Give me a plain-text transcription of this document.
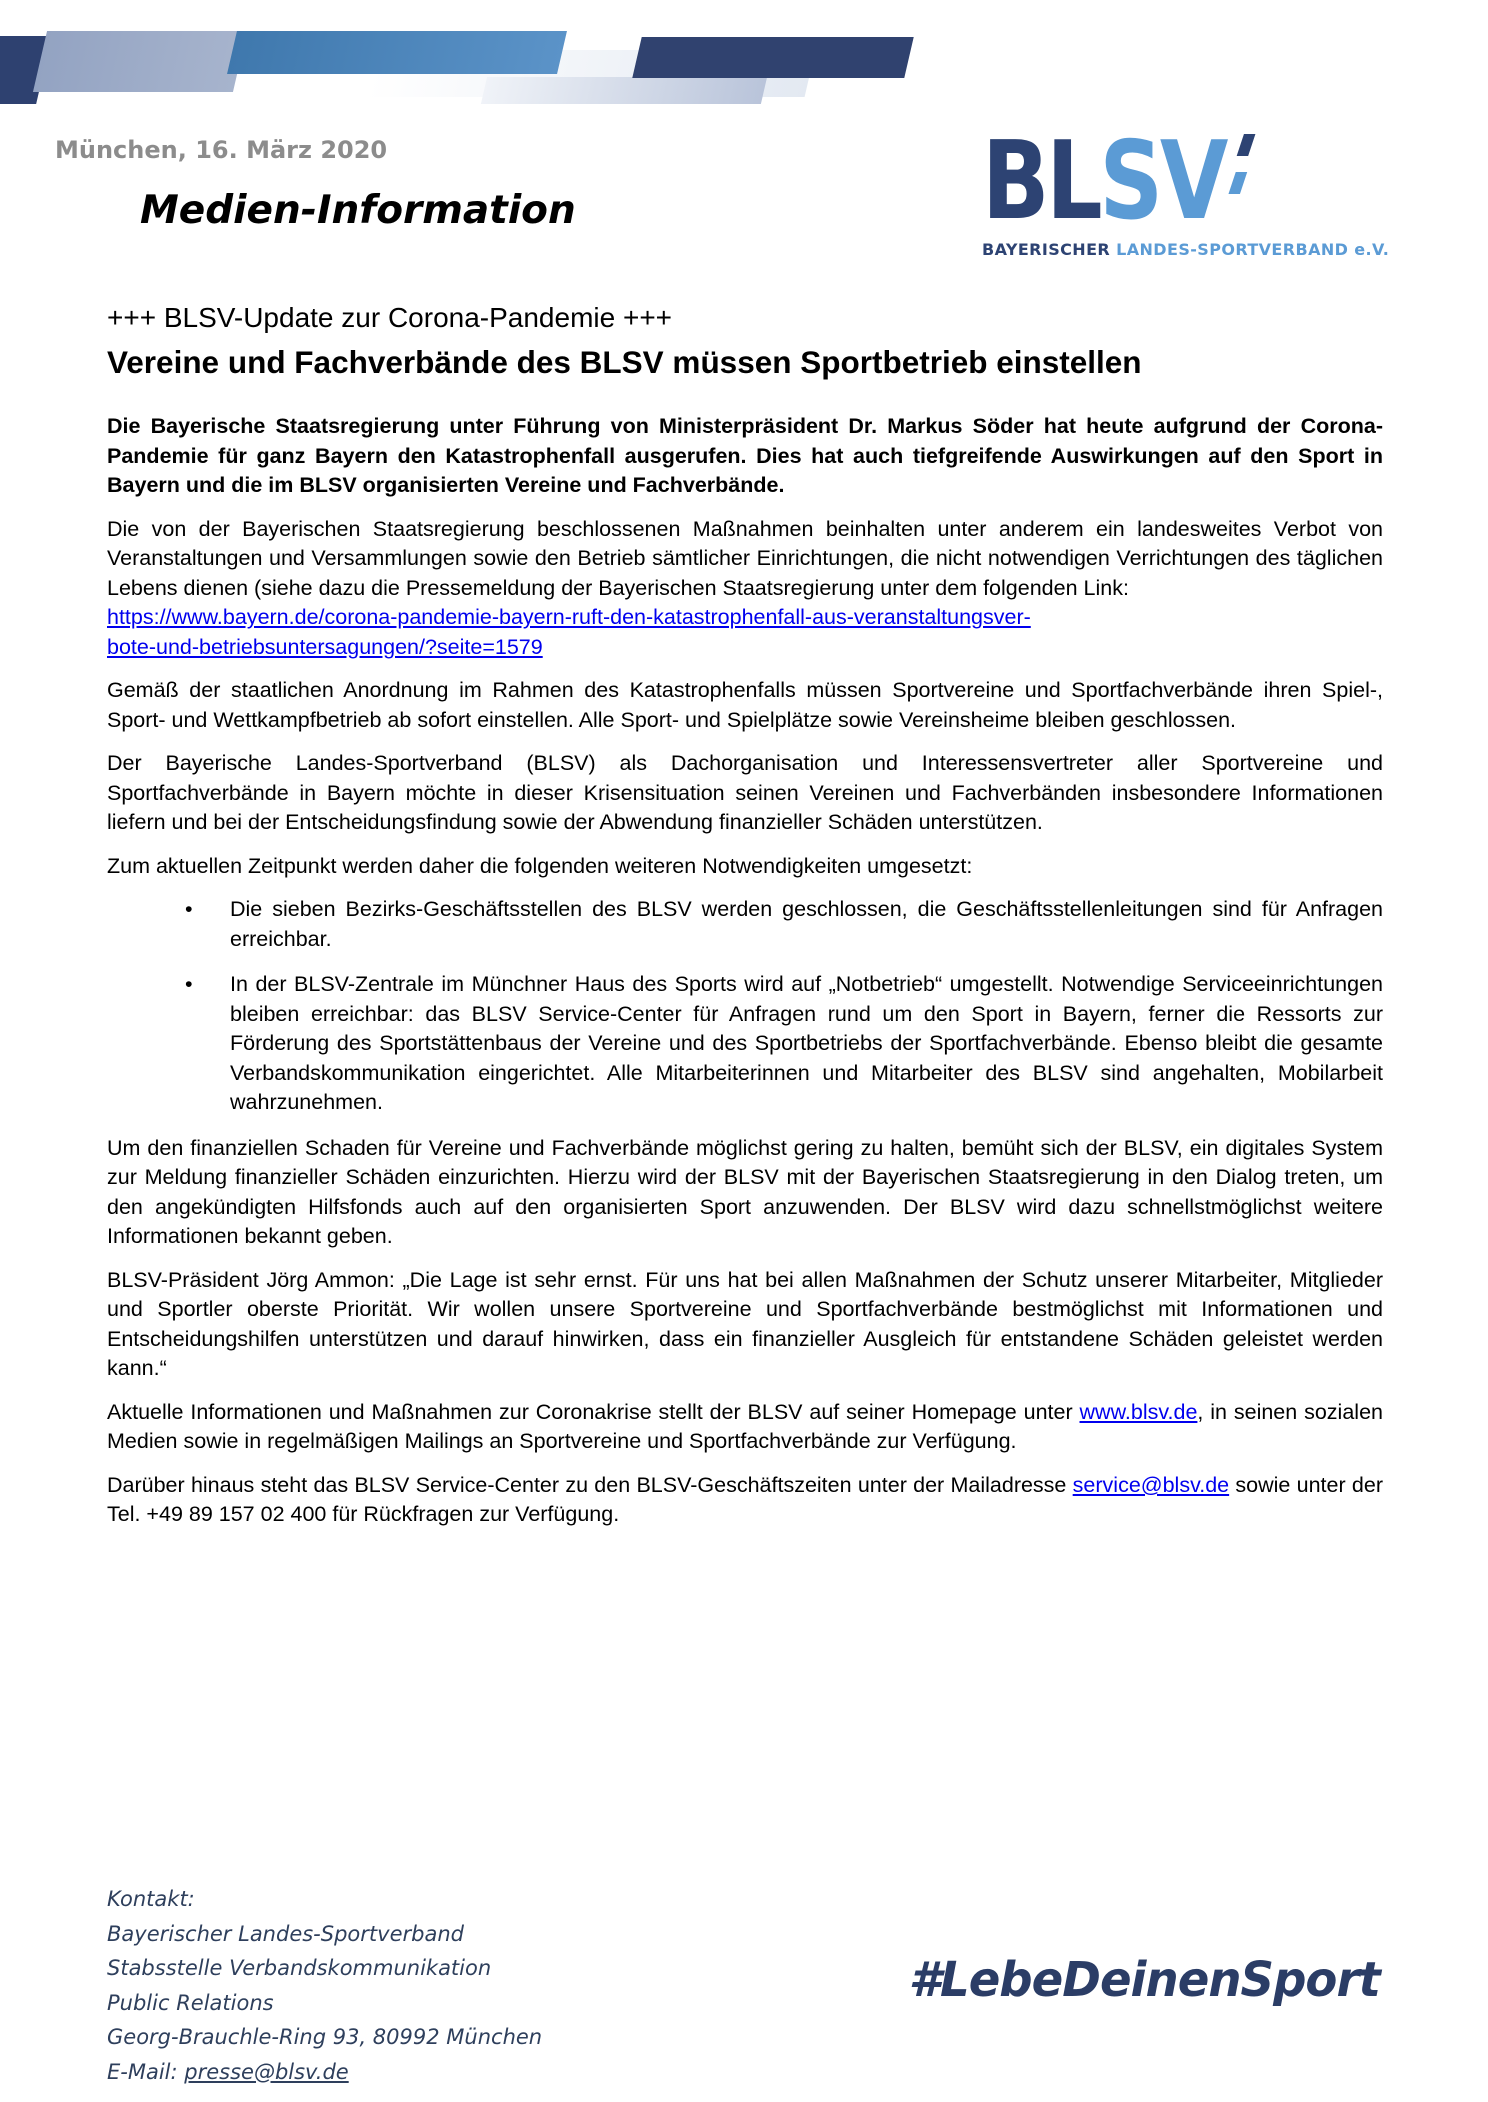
München, 16. März 2020
Medien-Information	BLSV
BAYERISCHER LANDES-SPORTVERBAND e.V.

+++ BLSV-Update zur Corona-Pandemie +++

Vereine und Fachverbände des BLSV müssen Sportbetrieb einstellen

Die Bayerische Staatsregierung unter Führung von Ministerpräsident Dr. Markus Söder hat heute aufgrund der Corona-Pandemie für ganz Bayern den Katastrophenfall ausgerufen. Dies hat auch tiefgreifende Auswirkungen auf den Sport in Bayern und die im BLSV organisierten Vereine und Fachverbände.

Die von der Bayerischen Staatsregierung beschlossenen Maßnahmen beinhalten unter anderem ein landesweites Verbot von Veranstaltungen und Versammlungen sowie den Betrieb sämtlicher Einrichtungen, die nicht notwendigen Verrichtungen des täglichen Lebens dienen (siehe dazu die Pressemeldung der Bayerischen Staatsregierung unter dem folgenden Link:
https://www.bayern.de/corona-pandemie-bayern-ruft-den-katastrophenfall-aus-veranstaltungsver-
bote-und-betriebsuntersagungen/?seite=1579

Gemäß der staatlichen Anordnung im Rahmen des Katastrophenfalls müssen Sportvereine und Sportfachverbände ihren Spiel-, Sport- und Wettkampfbetrieb ab sofort einstellen. Alle Sport- und Spielplätze sowie Vereinsheime bleiben geschlossen.

Der Bayerische Landes-Sportverband (BLSV) als Dachorganisation und Interessensvertreter aller Sportvereine und Sportfachverbände in Bayern möchte in dieser Krisensituation seinen Vereinen und Fachverbänden insbesondere Informationen liefern und bei der Entscheidungsfindung sowie der Abwendung finanzieller Schäden unterstützen.

Zum aktuellen Zeitpunkt werden daher die folgenden weiteren Notwendigkeiten umgesetzt:

•	Die sieben Bezirks-Geschäftsstellen des BLSV werden geschlossen, die Geschäftsstellenleitungen sind für Anfragen erreichbar.
•	In der BLSV-Zentrale im Münchner Haus des Sports wird auf „Notbetrieb“ umgestellt. Notwendige Serviceeinrichtungen bleiben erreichbar: das BLSV Service-Center für Anfragen rund um den Sport in Bayern, ferner die Ressorts zur Förderung des Sportstättenbaus der Vereine und des Sportbetriebs der Sportfachverbände. Ebenso bleibt die gesamte Verbandskommunikation eingerichtet. Alle Mitarbeiterinnen und Mitarbeiter des BLSV sind angehalten, Mobilarbeit wahrzunehmen.

Um den finanziellen Schaden für Vereine und Fachverbände möglichst gering zu halten, bemüht sich der BLSV, ein digitales System zur Meldung finanzieller Schäden einzurichten. Hierzu wird der BLSV mit der Bayerischen Staatsregierung in den Dialog treten, um den angekündigten Hilfsfonds auch auf den organisierten Sport anzuwenden. Der BLSV wird dazu schnellstmöglichst weitere Informationen bekannt geben.

BLSV-Präsident Jörg Ammon: „Die Lage ist sehr ernst. Für uns hat bei allen Maßnahmen der Schutz unserer Mitarbeiter, Mitglieder und Sportler oberste Priorität. Wir wollen unsere Sportvereine und Sportfachverbände bestmöglichst mit Informationen und Entscheidungshilfen unterstützen und darauf hinwirken, dass ein finanzieller Ausgleich für entstandene Schäden geleistet werden kann.“

Aktuelle Informationen und Maßnahmen zur Coronakrise stellt der BLSV auf seiner Homepage unter www.blsv.de, in seinen sozialen Medien sowie in regelmäßigen Mailings an Sportvereine und Sportfachverbände zur Verfügung.

Darüber hinaus steht das BLSV Service-Center zu den BLSV-Geschäftszeiten unter der Mailadresse service@blsv.de sowie unter der Tel. +49 89 157 02 400 für Rückfragen zur Verfügung.

Kontakt:
Bayerischer Landes-Sportverband
Stabsstelle Verbandskommunikation
Public Relations
Georg-Brauchle-Ring 93, 80992 München
E-Mail: presse@blsv.de
#LebeDeinenSport
